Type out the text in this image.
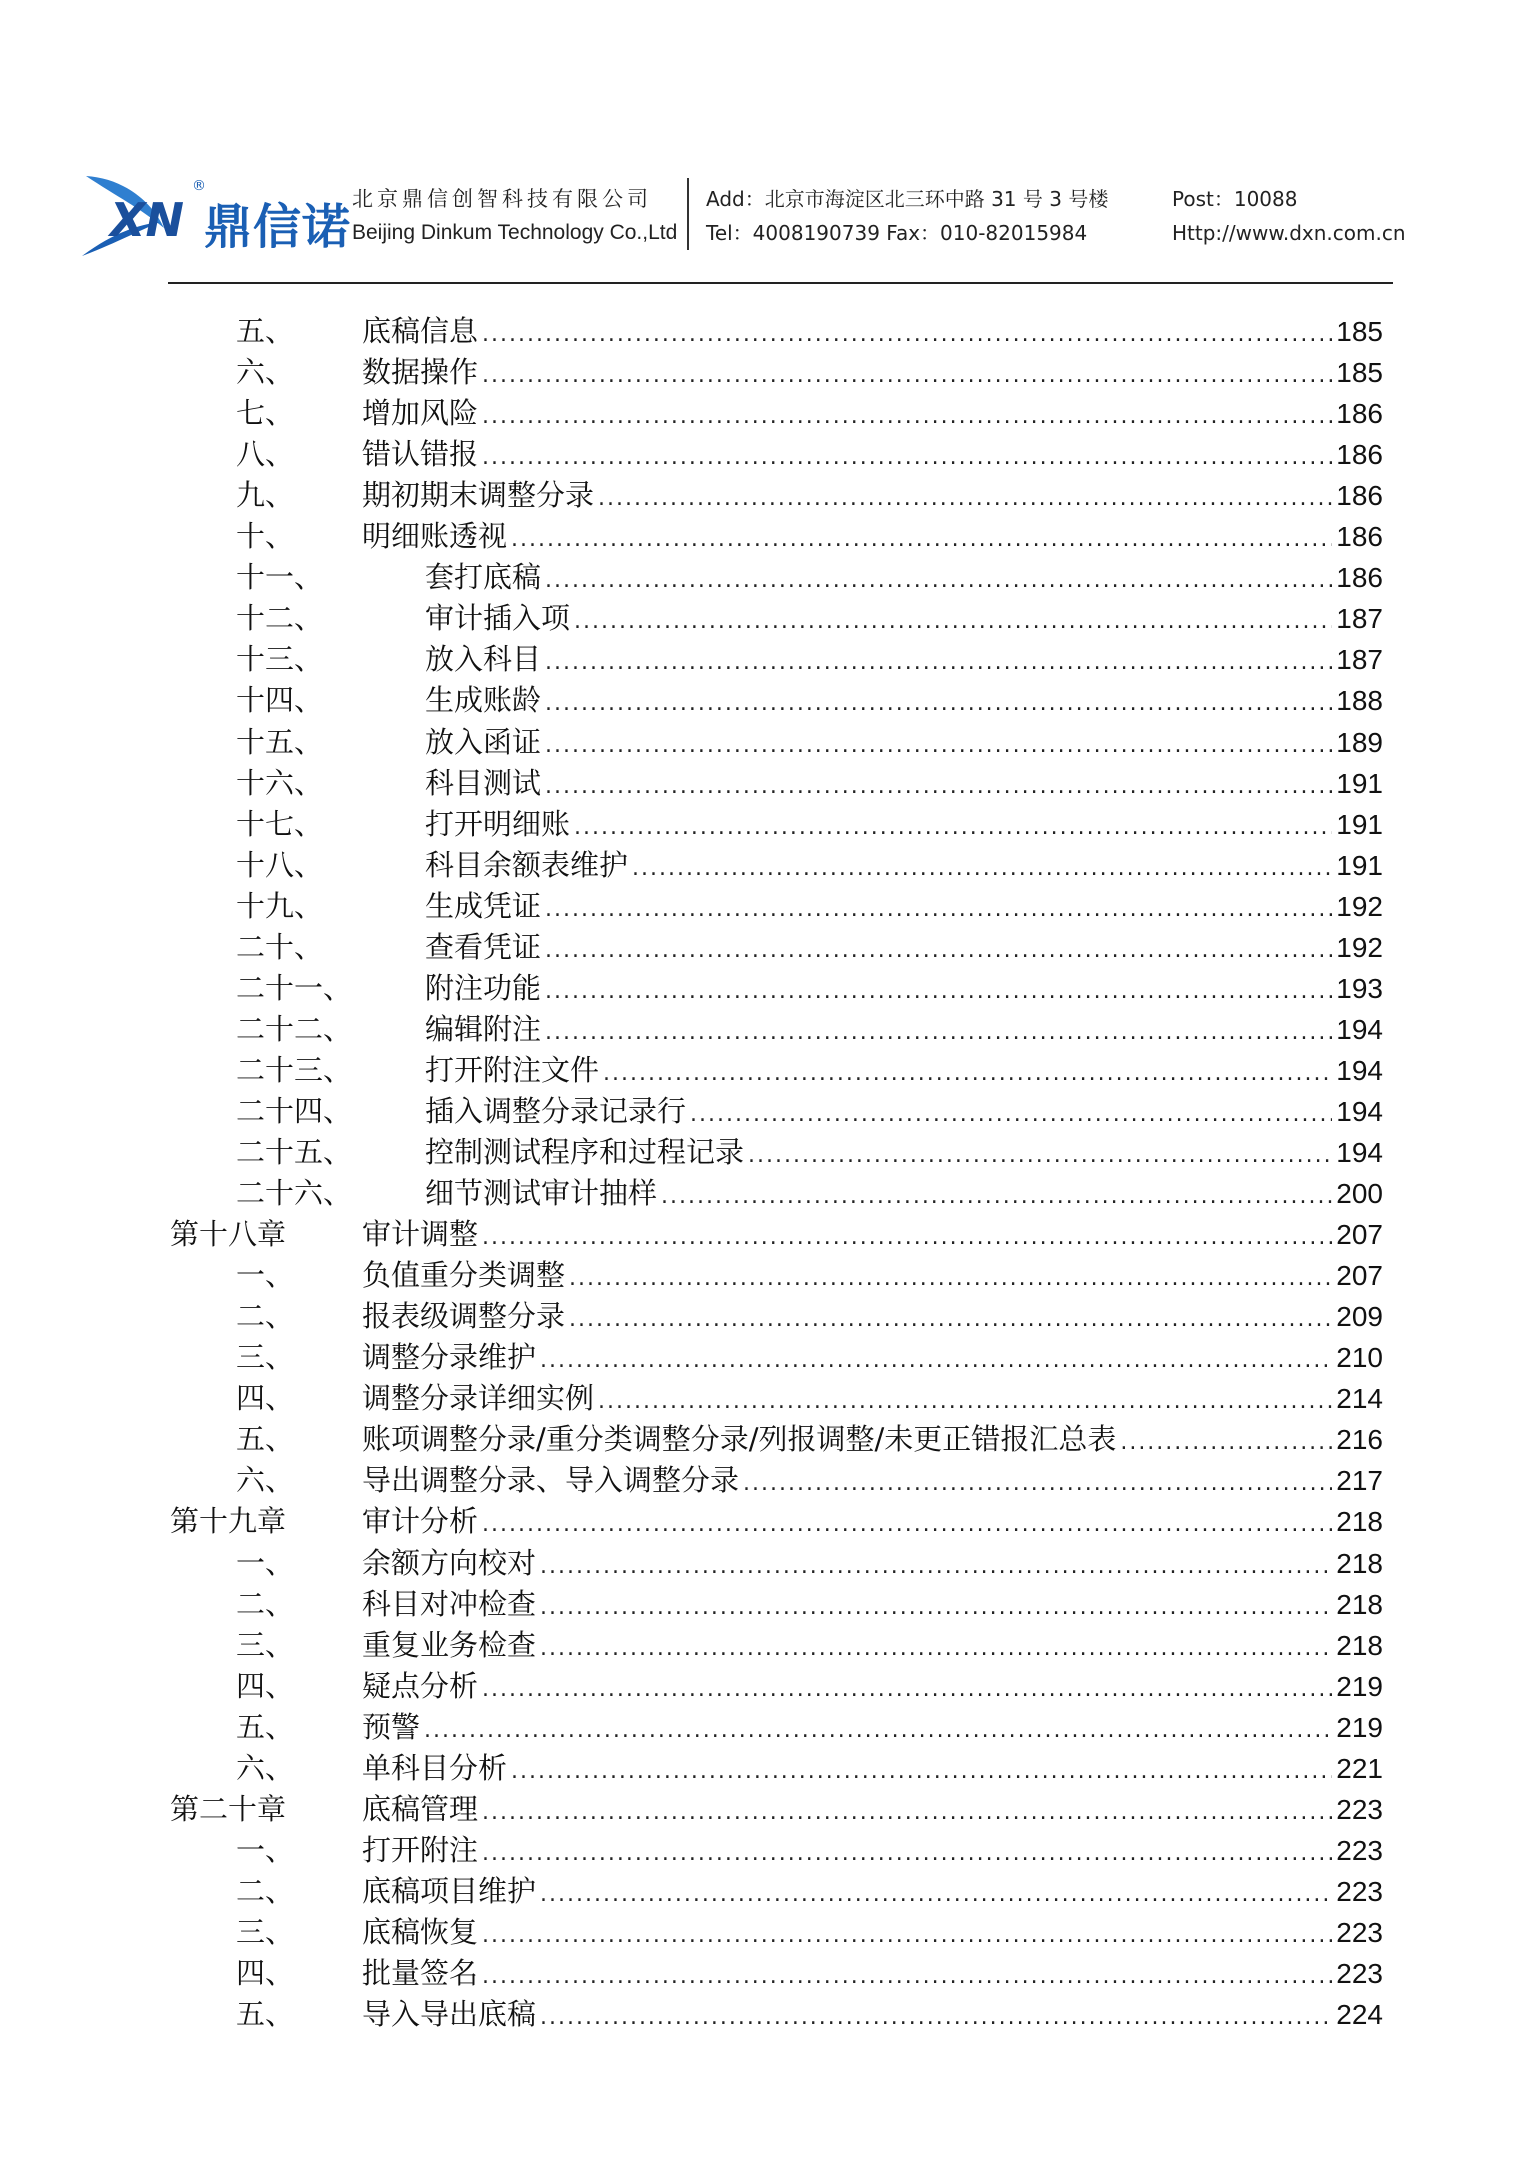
XN
®
鼎信诺 北京鼎信创智科技有限公司
Beijing Dinkum Technology Co.,Ltd
Add：北京市海淀区北三环中路 31 号 3 号楼
Tel：4008190739 Fax：010-82015984
Post：10088
Http://www.dxn.com.cn
五、 底稿信息 .....	185
六、 数据操作 .....	185
七、 增加风险 .....	186
八、 错认错报 .....	186
九、 期初期末调整分录 .....	186
十、 明细账透视 .....	186
十一、	套打底稿 .....	186
十二、	审计插入项 .....	187
十三、	放入科目 .....	187
十四、	生成账龄 .....	188
十五、	放入函证 .....	189
十六、	科目测试 .....	191
十七、	打开明细账 .....	191
十八、	科目余额表维护 .....	191
十九、	生成凭证 .....	192
二十、	查看凭证 .....	192
二十一、	附注功能 .....	193
二十二、	编辑附注 .....	194
二十三、	打开附注文件 .....	194
二十四、	插入调整分录记录行 .....	194
二十五、	控制测试程序和过程记录 .....	194
二十六、	细节测试审计抽样 .....	200
第十八章	审计调整 .....	207
一、 负值重分类调整 .....	207
二、 报表级调整分录 .....	209
三、 调整分录维护 .....	210
四、 调整分录详细实例 .....	214
五、 账项调整分录/重分类调整分录/列报调整/未更正错报汇总表 .....	216
六、 导出调整分录、导入调整分录 .....	217
第十九章	审计分析 .....	218
一、 余额方向校对 .....	218
二、 科目对冲检查 .....	218
三、 重复业务检查 .....	218
四、 疑点分析 .....	219
五、 预警 .....	219
六、 单科目分析 .....	221
第二十章	底稿管理 .....	223
一、 打开附注 .....	223
二、 底稿项目维护 .....	223
三、 底稿恢复 .....	223
四、 批量签名 .....	223
五、 导入导出底稿 .....	224
